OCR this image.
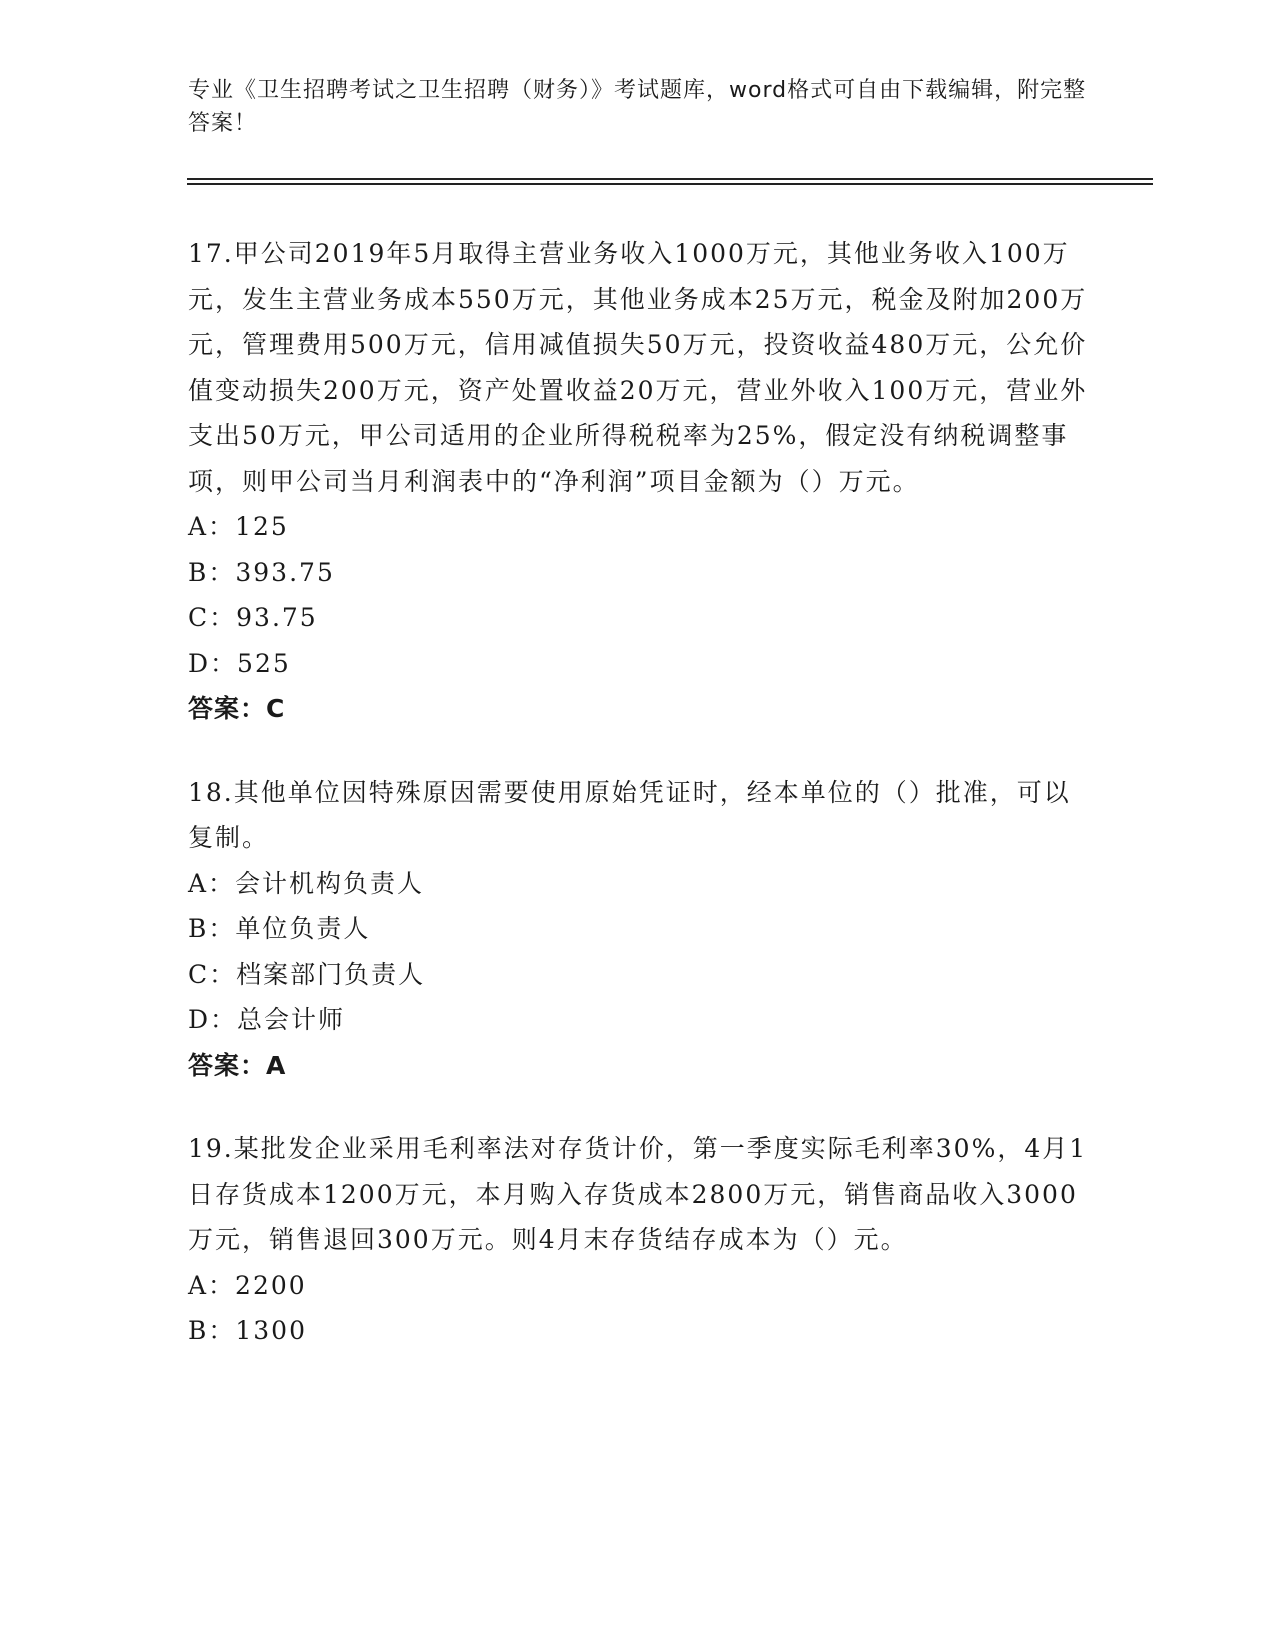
专业《卫生招聘考试之卫生招聘（财务）》考试题库，word格式可自由下载编辑，附完整答案！

17.甲公司2019年5月取得主营业务收入1000万元，其他业务收入100万元，发生主营业务成本550万元，其他业务成本25万元，税金及附加200万元，管理费用500万元，信用减值损失50万元，投资收益480万元，公允价值变动损失200万元，资产处置收益20万元，营业外收入100万元，营业外支出50万元，甲公司适用的企业所得税税率为25%，假定没有纳税调整事项，则甲公司当月利润表中的“净利润”项目金额为（）万元。

A：125

B：393.75

C：93.75

D：525

答案：C

18.其他单位因特殊原因需要使用原始凭证时，经本单位的（）批准，可以复制。

A：会计机构负责人

B：单位负责人

C：档案部门负责人

D：总会计师

答案：A

19.某批发企业采用毛利率法对存货计价，第一季度实际毛利率30%，4月1日存货成本1200万元，本月购入存货成本2800万元，销售商品收入3000万元，销售退回300万元。则4月末存货结存成本为（）元。

A：2200

B：1300
